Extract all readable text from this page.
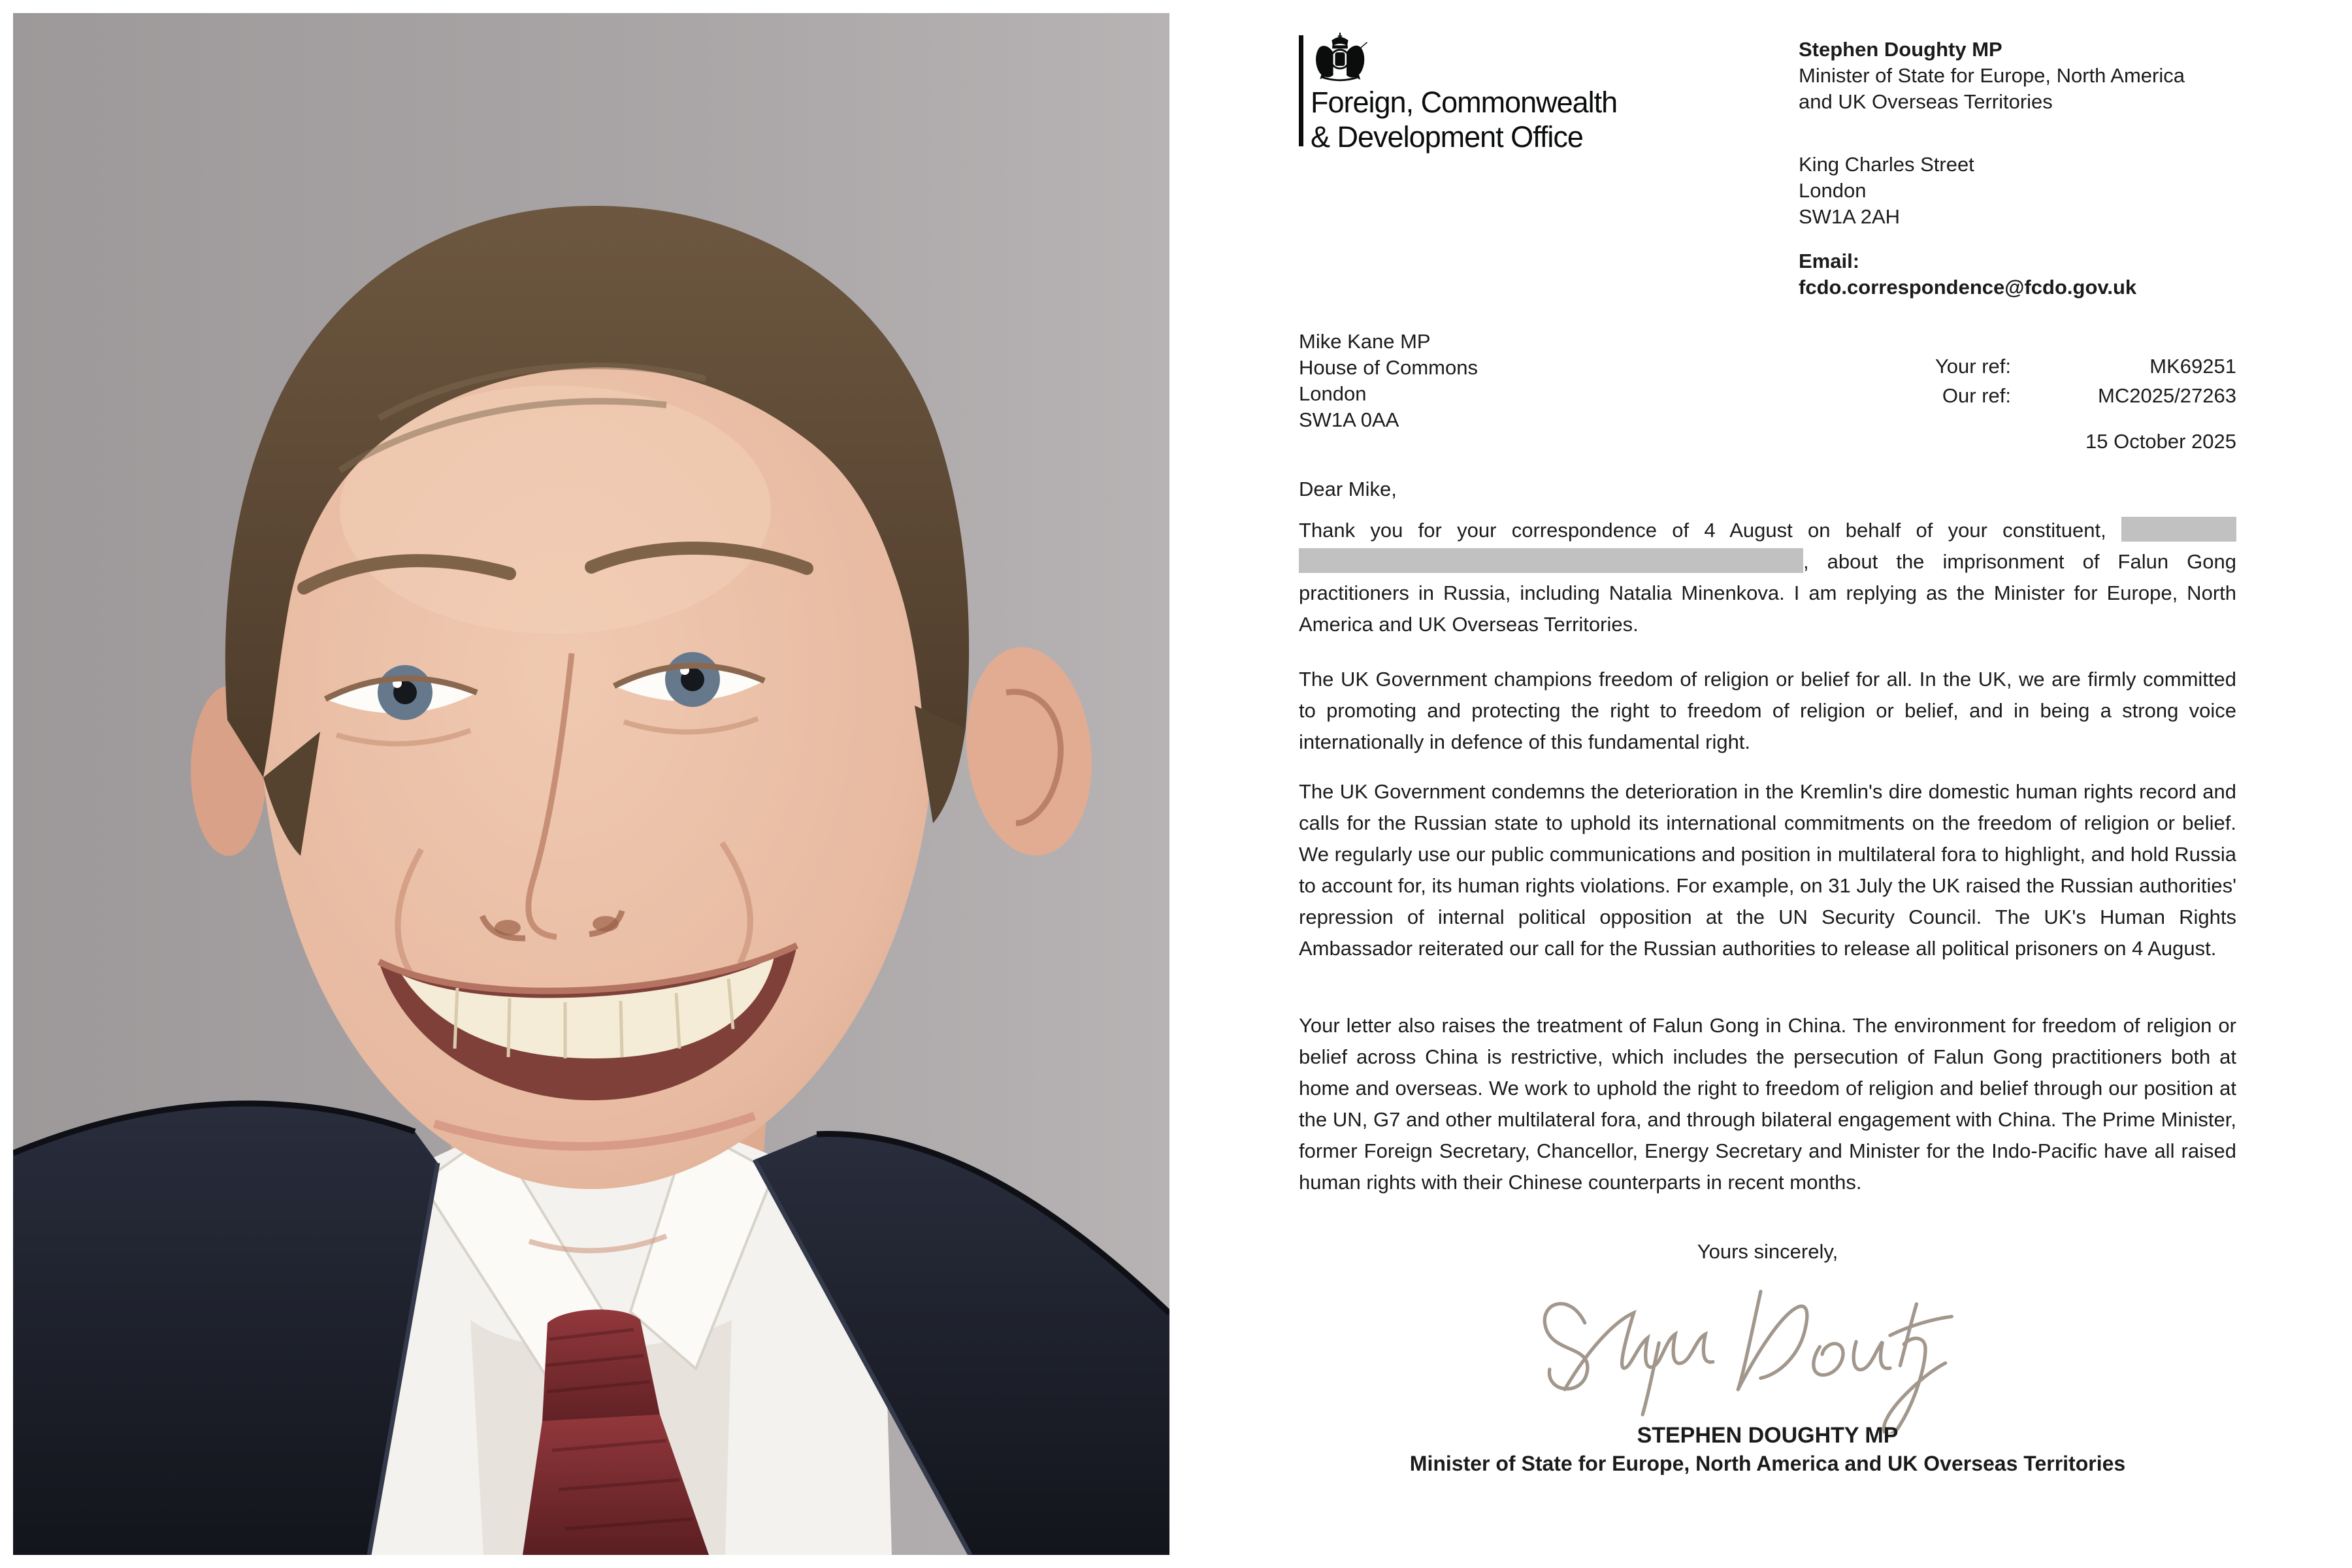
Foreign, Commonwealth
& Development Office
Stephen Doughty MP
Minister of State for Europe, North America and UK Overseas Territories
King Charles Street
London
SW1A 2AH
Email:
fcdo.correspondence@fcdo.gov.uk
Mike Kane MP
House of Commons
London
SW1A 0AA
Your ref:	MK69251
Our ref:	MC2025/27263
15 October 2025
Dear Mike,
Thank you for your correspondence of 4 August on behalf of your constituent,  , about the imprisonment of Falun Gong practitioners in Russia, including Natalia Minenkova. I am replying as the Minister for Europe, North America and UK Overseas Territories.
The UK Government champions freedom of religion or belief for all. In the UK, we are firmly committed to promoting and protecting the right to freedom of religion or belief, and in being a strong voice internationally in defence of this fundamental right.
The UK Government condemns the deterioration in the Kremlin's dire domestic human rights record and calls for the Russian state to uphold its international commitments on the freedom of religion or belief. We regularly use our public communications and position in multilateral fora to highlight, and hold Russia to account for, its human rights violations. For example, on 31 July the UK raised the Russian authorities' repression of internal political opposition at the UN Security Council. The UK's Human Rights Ambassador reiterated our call for the Russian authorities to release all political prisoners on 4 August.
Your letter also raises the treatment of Falun Gong in China. The environment for freedom of religion or belief across China is restrictive, which includes the persecution of Falun Gong practitioners both at home and overseas. We work to uphold the right to freedom of religion and belief through our position at the UN, G7 and other multilateral fora, and through bilateral engagement with China. The Prime Minister, former Foreign Secretary, Chancellor, Energy Secretary and Minister for the Indo-Pacific have all raised human rights with their Chinese counterparts in recent months.
Yours sincerely,
STEPHEN DOUGHTY MP
Minister of State for Europe, North America and UK Overseas Territories
